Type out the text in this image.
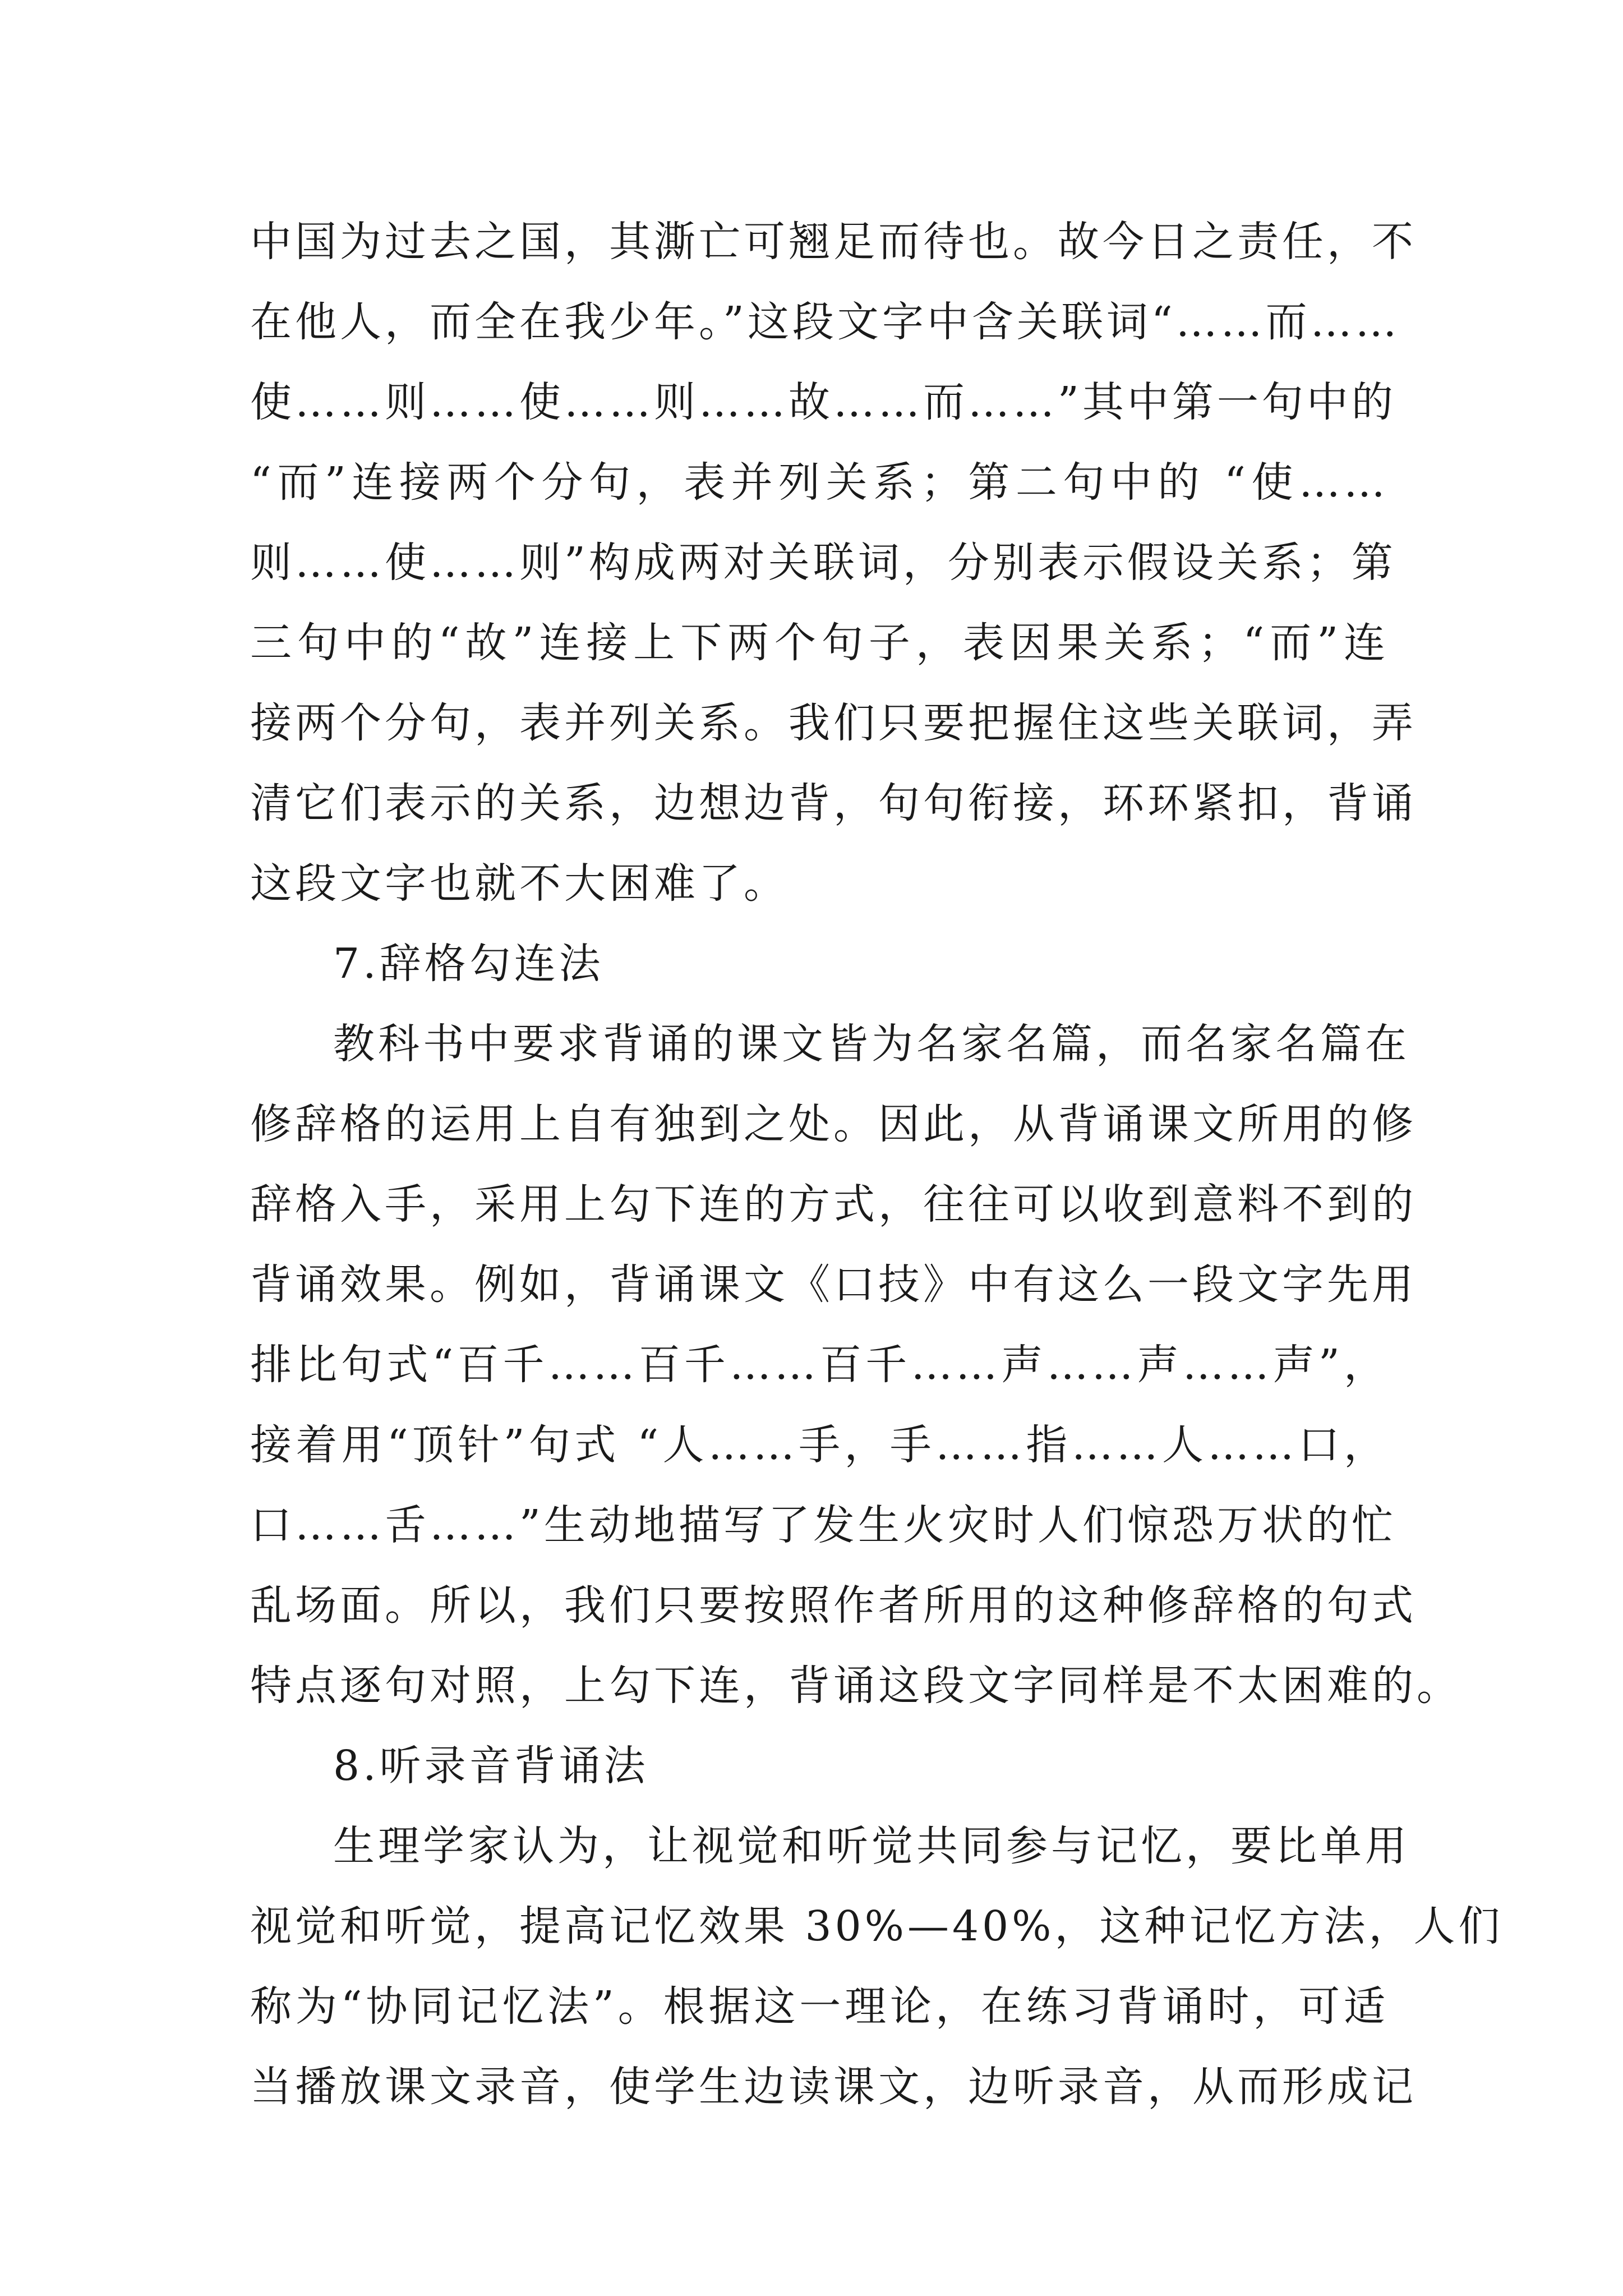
中国为过去之国，其澌亡可翘足而待也。故今日之责任，不
在他人，而全在我少年。”这段文字中含关联词“……而……
使……则……使……则……故……而……”其中第一句中的
“而”连接两个分句，表并列关系；第二句中的 “使……
则……使……则”构成两对关联词，分别表示假设关系；第
三句中的“故”连接上下两个句子，表因果关系；“而”连
接两个分句，表并列关系。我们只要把握住这些关联词，弄
清它们表示的关系，边想边背，句句衔接，环环紧扣，背诵
这段文字也就不大困难了。
7.辞格勾连法
教科书中要求背诵的课文皆为名家名篇，而名家名篇在
修辞格的运用上自有独到之处。因此，从背诵课文所用的修
辞格入手，采用上勾下连的方式，往往可以收到意料不到的
背诵效果。例如，背诵课文《口技》中有这么一段文字先用
排比句式“百千……百千……百千……声……声……声”，
接着用“顶针”句式 “人……手，手……指……人……口，
口……舌……”生动地描写了发生火灾时人们惊恐万状的忙
乱场面。所以，我们只要按照作者所用的这种修辞格的句式
特点逐句对照，上勾下连，背诵这段文字同样是不太困难的。
8.听录音背诵法
生理学家认为，让视觉和听觉共同参与记忆，要比单用
视觉和听觉，提高记忆效果 30%—40%，这种记忆方法，人们
称为“协同记忆法”。根据这一理论，在练习背诵时，可适
当播放课文录音，使学生边读课文，边听录音，从而形成记
